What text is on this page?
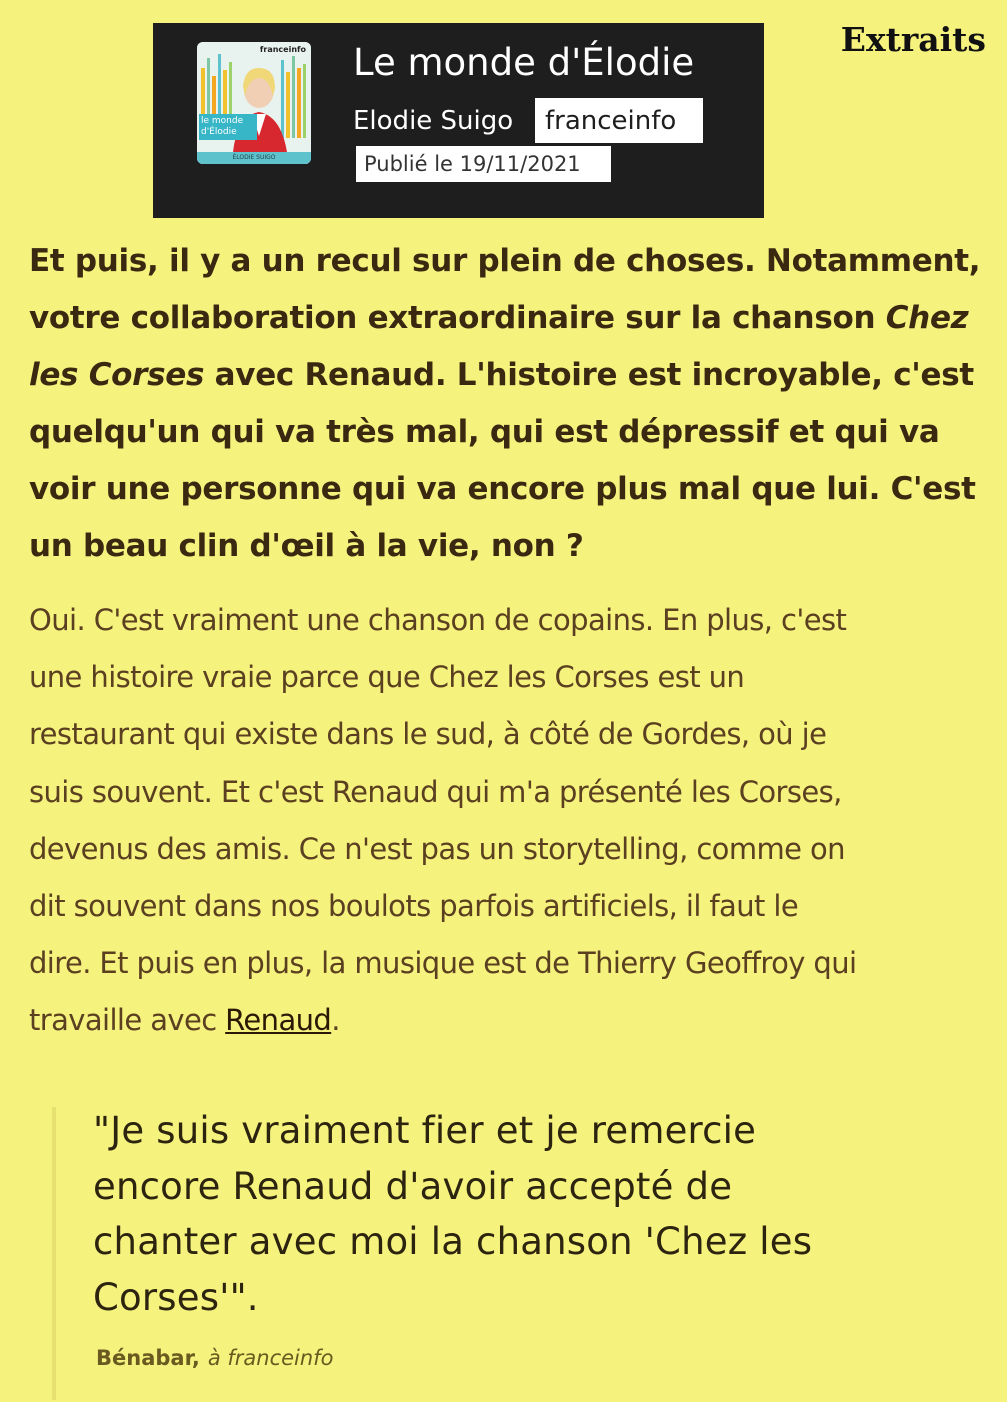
franceinfo
le monde
d'Élodie
ÉLODIE SUIGO
Le monde d'Élodie
Elodie Suigo	franceinfo
Publié le 19/11/2021
Extraits

Et puis, il y a un recul sur plein de choses. Notamment,
votre collaboration extraordinaire sur la chanson Chez
les Corses avec Renaud. L'histoire est incroyable, c'est
quelqu'un qui va très mal, qui est dépressif et qui va
voir une personne qui va encore plus mal que lui. C'est
un beau clin d'œil à la vie, non ?

Oui. C'est vraiment une chanson de copains. En plus, c'est
une histoire vraie parce que Chez les Corses est un
restaurant qui existe dans le sud, à côté de Gordes, où je
suis souvent. Et c'est Renaud qui m'a présenté les Corses,
devenus des amis. Ce n'est pas un storytelling, comme on
dit souvent dans nos boulots parfois artificiels, il faut le
dire. Et puis en plus, la musique est de Thierry Geoffroy qui
travaille avec Renaud.

"Je suis vraiment fier et je remercie
encore Renaud d'avoir accepté de
chanter avec moi la chanson 'Chez les
Corses'".

Bénabar, à franceinfo
